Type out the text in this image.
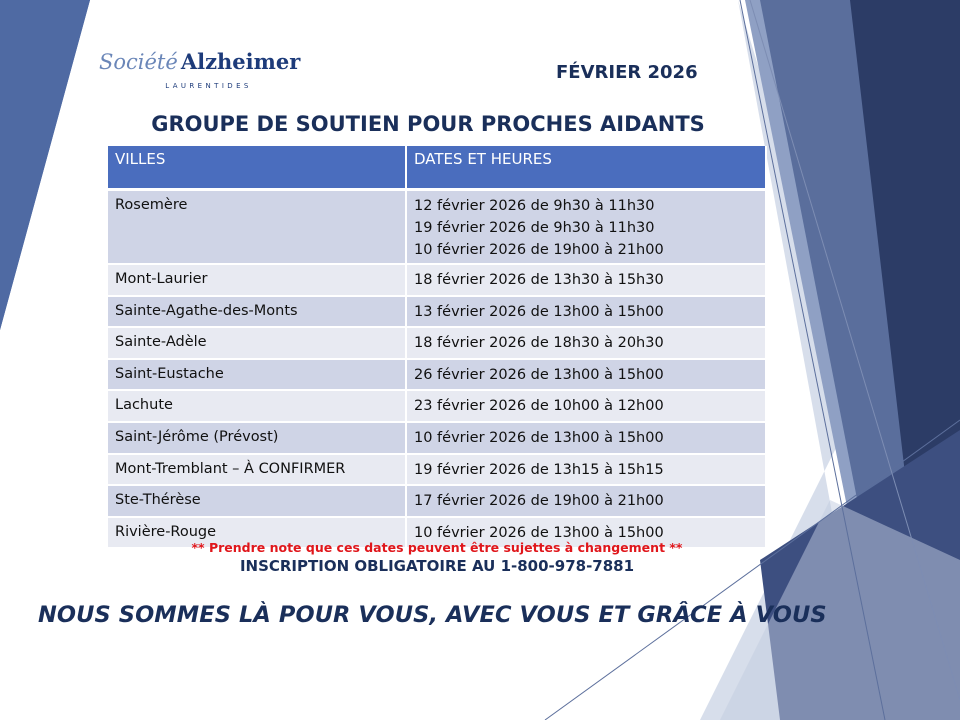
Société Alzheimer
LAURENTIDES
FÉVRIER 2026
GROUPE DE SOUTIEN POUR PROCHES AIDANTS
VILLES	DATES ET HEURES
Rosemère	12 février 2026 de 9h30 à 11h30
19 février 2026 de 9h30 à 11h30
10 février 2026 de 19h00 à 21h00

Mont-Laurier	18 février 2026 de 13h30 à 15h30

Sainte-Agathe-des-Monts	13 février 2026 de 13h00 à 15h00

Sainte-Adèle	18 février 2026 de 18h30 à 20h30

Saint-Eustache	26 février 2026 de 13h00 à 15h00

Lachute	23 février 2026 de 10h00 à 12h00

Saint-Jérôme (Prévost)	10 février 2026 de 13h00 à 15h00

Mont-Tremblant – À CONFIRMER	19 février 2026 de 13h15 à 15h15

Ste-Thérèse	17 février 2026 de 19h00 à 21h00

Rivière-Rouge	10 février 2026 de 13h00 à 15h00
** Prendre note que ces dates peuvent être sujettes à changement **
INSCRIPTION OBLIGATOIRE AU 1-800-978-7881
NOUS SOMMES LÀ POUR VOUS, AVEC VOUS ET GRÂCE À VOUS
